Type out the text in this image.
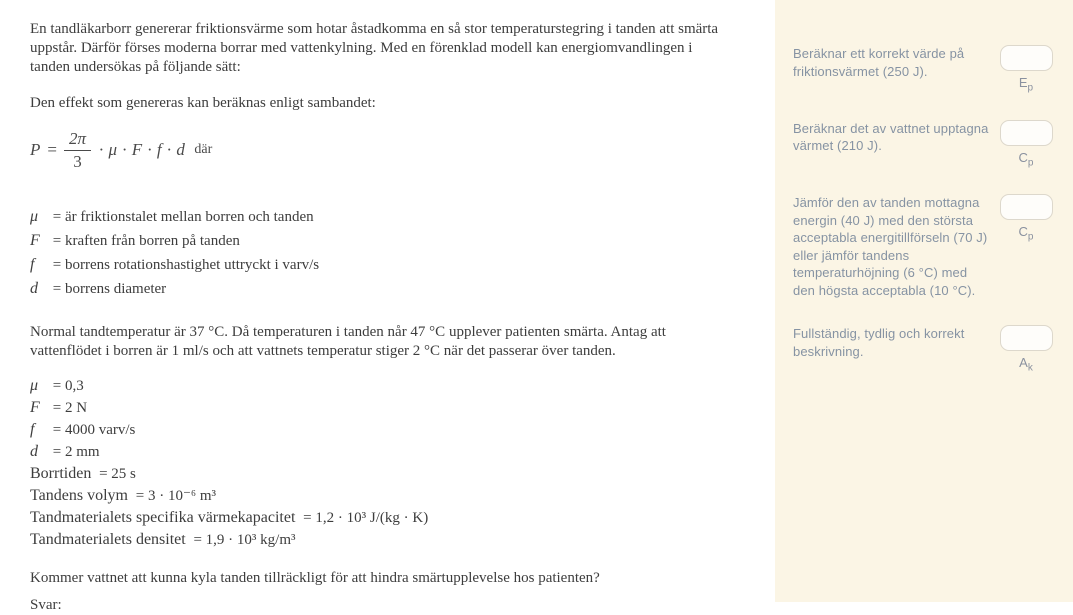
En tandläkarborr genererar friktionsvärme som hotar åstadkomma en så stor temperaturstegring i tanden att smärta uppstår. Därför förses moderna borrar med vattenkylning. Med en förenklad modell kan energiomvandlingen i tanden undersökas på följande sätt:

Den effekt som genereras kan beräknas enligt sambandet:

$P = \frac{2\pi}{3} \cdot \mu \cdot F \cdot f \cdot d$ där
μ = är friktionstalet mellan borren och tanden
F = kraften från borren på tanden
f = borrens rotationshastighet uttryckt i varv/s
d = borrens diameter

Normal tandtemperatur är 37 °C. Då temperaturen i tanden når 47 °C upplever patienten smärta. Antag att vattenflödet i borren är 1 ml/s och att vattnets temperatur stiger 2 °C när det passerar över tanden.

μ = 0,3
F = 2 N
f = 4000 varv/s
d = 2 mm
Borrtiden = 25 s
Tandens volym = 3 · 10⁻⁶ m³
Tandmaterialets specifika värmekapacitet = 1,2 · 10³ J/(kg · K)
Tandmaterialets densitet = 1,9 · 10³ kg/m³

Kommer vattnet att kunna kyla tanden tillräckligt för att hindra smärtupplevelse hos patienten?

Svar:

Beräknar ett korrekt värde på friktionsvärmet (250 J).
$E_p$
Beräknar det av vattnet upptagna värmet (210 J).
$C_p$
Jämför den av tanden mottagna energin (40 J) med den största acceptabla energitillförseln (70 J) eller jämför tandens temperaturhöjning (6 °C) med den högsta acceptabla (10 °C).
$C_p$
Fullständig, tydlig och korrekt beskrivning.
$A_k$
